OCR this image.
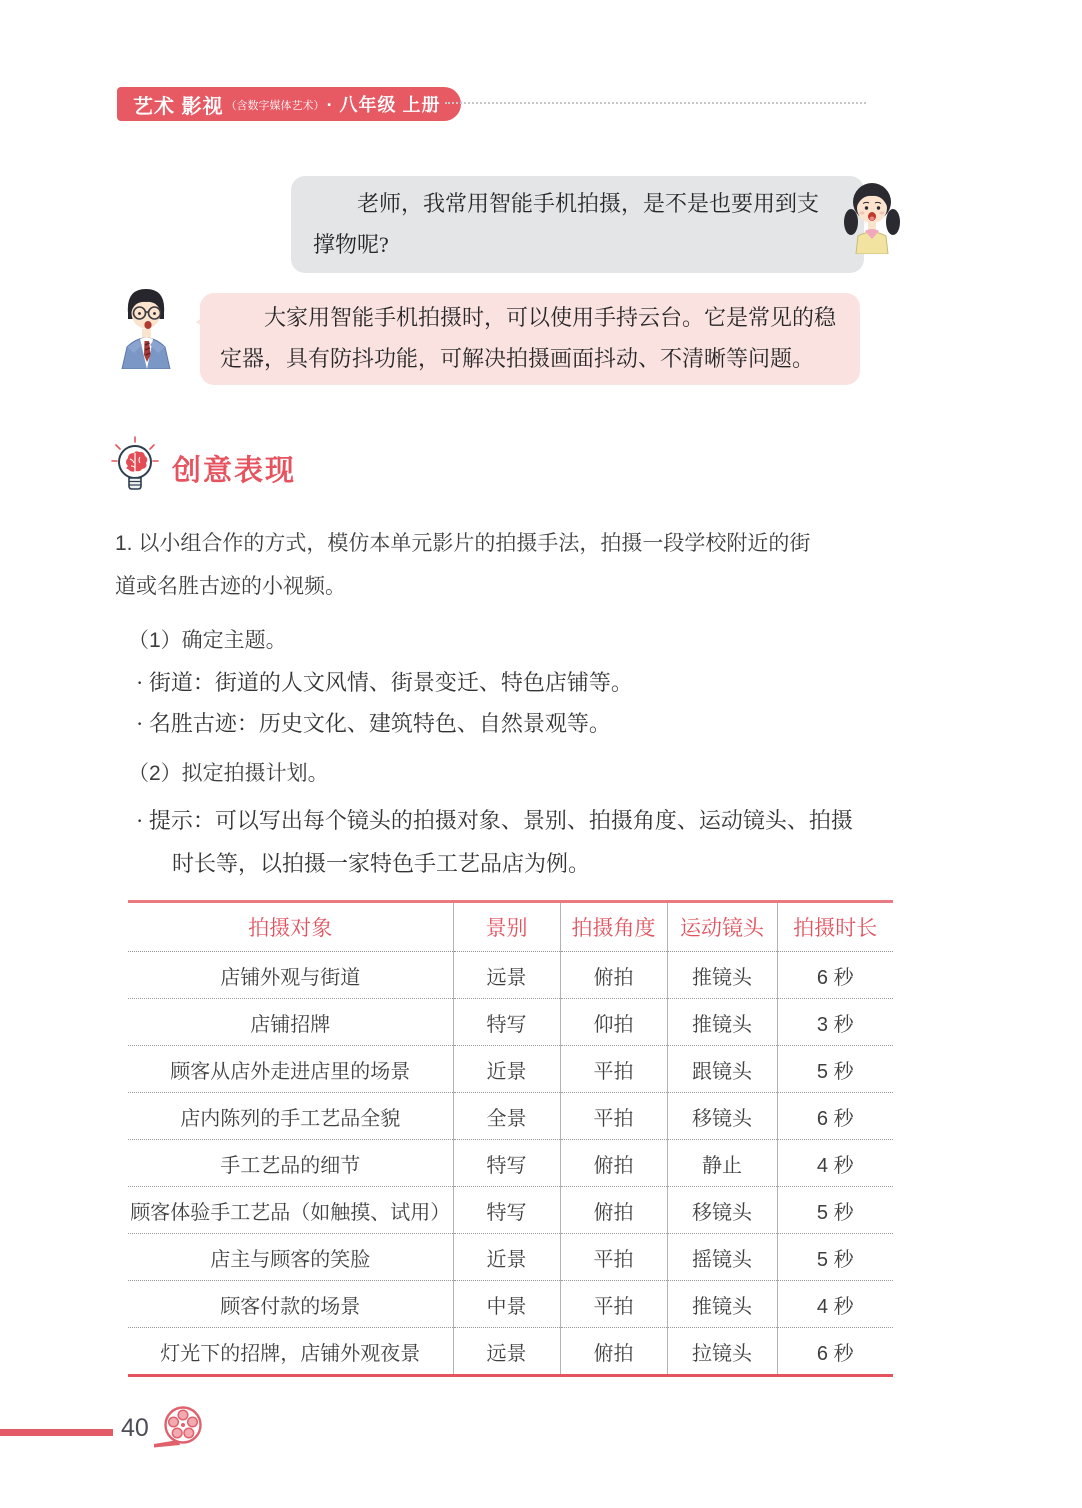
艺术 影视 （含数字媒体艺术） · 八年级 上册
老师，我常用智能手机拍摄，是不是也要用到支
撑物呢?
大家用智能手机拍摄时，可以使用手持云台。它是常见的稳
定器，具有防抖功能，可解决拍摄画面抖动、不清晰等问题。
创意表现
1. 以小组合作的方式，模仿本单元影片的拍摄手法，拍摄一段学校附近的街
道或名胜古迹的小视频。
（1）确定主题。
· 街道：街道的人文风情、街景变迁、特色店铺等。
· 名胜古迹：历史文化、建筑特色、自然景观等。
（2）拟定拍摄计划。
· 提示：可以写出每个镜头的拍摄对象、景别、拍摄角度、运动镜头、拍摄
时长等，以拍摄一家特色手工艺品店为例。
拍摄对象	景别	拍摄角度	运动镜头	拍摄时长
店铺外观与街道	远景	俯拍	推镜头	6 秒
店铺招牌	特写	仰拍	推镜头	3 秒
顾客从店外走进店里的场景	近景	平拍	跟镜头	5 秒
店内陈列的手工艺品全貌	全景	平拍	移镜头	6 秒
手工艺品的细节	特写	俯拍	静止	4 秒
顾客体验手工艺品（如触摸、试用）	特写	俯拍	移镜头	5 秒
店主与顾客的笑脸	近景	平拍	摇镜头	5 秒
顾客付款的场景	中景	平拍	推镜头	4 秒
灯光下的招牌，店铺外观夜景	远景	俯拍	拉镜头	6 秒
40
